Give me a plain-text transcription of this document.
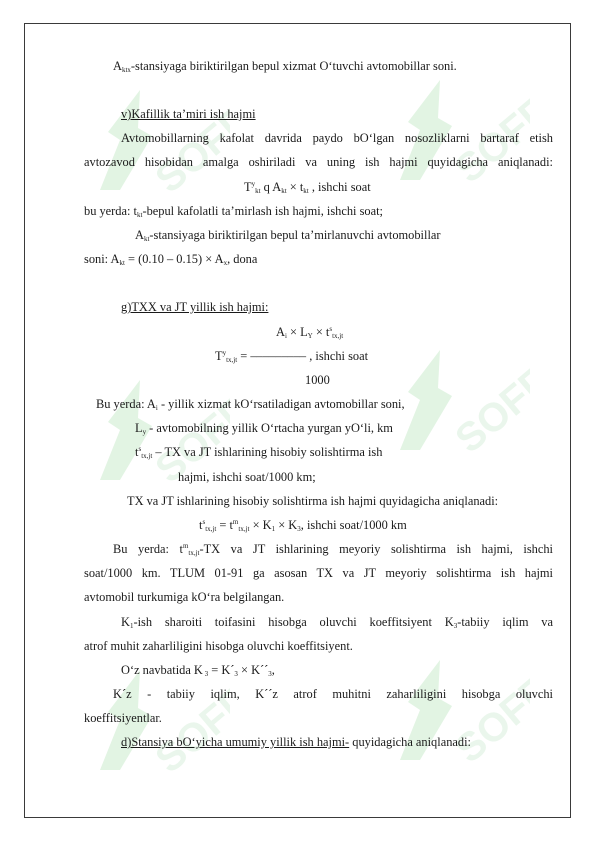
SOFF	SOFF
SOFF	SOFF
SOFF	SOFF
$A_{ktx}$-stansiyaga biriktirilgan bepul xizmat O‘tuvchi avtomobillar soni.
v)Kafillik ta’miri ish hajmi
Avtomobillarning kafolat davrida paydo bO‘lgan nosozliklarni bartaraf etish
avtozavod hisobidan amalga oshiriladi va uning ish hajmi quyidagicha aniqlanadi:
$T^y_{kt}$ q $A_{kt} \times t_{kt}$ , ishchi soat
bu yerda: $t_{kt}$-bepul kafolatli ta’mirlash ish hajmi, ishchi soat;
$A_{kt}$-stansiyaga biriktirilgan bepul ta’mirlanuvchi avtomobillar
soni: $A_{kt} = (0.10 - 0.15) \times A_x$, dona
g)TXX va JT yillik ish hajmi:
$A_i \times L_Y \times t^s_{tx,jt}$
$T^y_{tx,jt}$ = ––––––––– , ishchi soat
1000
Bu yerda: $A_i$ - yillik xizmat kO‘rsatiladigan avtomobillar soni,
$L_y$ - avtomobilning yillik O‘rtacha yurgan yO‘li, km
$t^s_{tx,jt}$ – TX va JT ishlarining hisobiy solishtirma ish
hajmi, ishchi soat/1000 km;
TX va JT ishlarining hisobiy solishtirma ish hajmi quyidagicha aniqlanadi:
$t^s_{tx,jt} = t^m_{tx,jt} \times K_1 \times K_3$, ishchi soat/1000 km
Bu yerda: $t^m_{tx,jt}-TX$ va JT ishlarining meyoriy solishtirma ish hajmi, ishchi
soat/1000 km. TLUM 01-91 ga asosan TX va JT meyoriy solishtirma ish hajmi
avtomobil turkumiga kO‘ra belgilangan.
$K_1$-ish sharoiti toifasini hisobga oluvchi koeffitsiyent $K_3$-tabiiy iqlim va
atrof muhit zaharliligini hisobga oluvchi koeffitsiyent.
O‘z navbatida K $_3 = K´_3$ × $K´´_3$,
K´z - tabiiy iqlim, K´´z atrof muhitni zaharliligini hisobga oluvchi
koeffitsiyentlar.
d)Stansiya bO‘yicha umumiy yillik ish hajmi- quyidagicha aniqlanadi:
